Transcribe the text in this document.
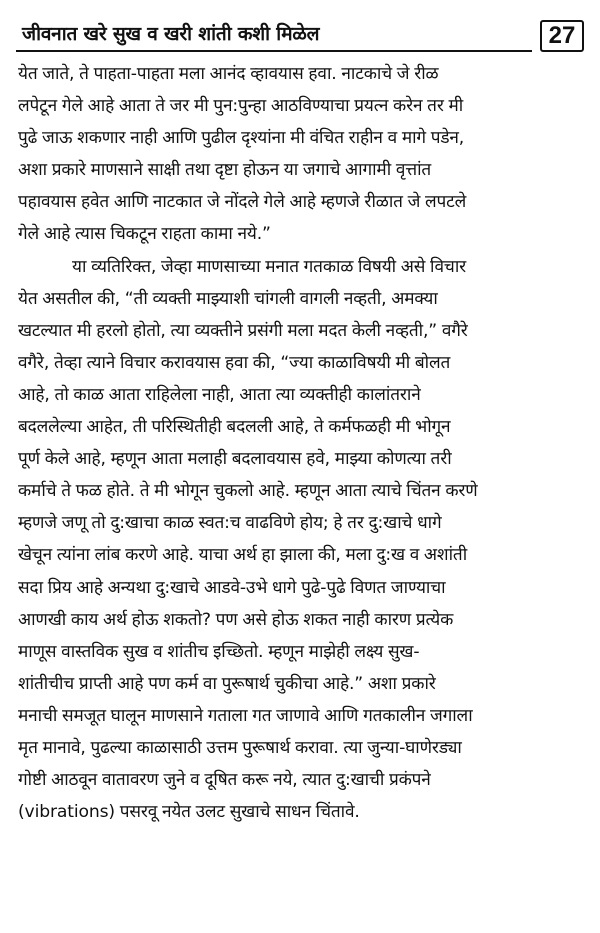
जीवनात खरे सुख व खरी शांती कशी मिळेल	27
येत जाते, ते पाहता-पाहता मला आनंद व्हावयास हवा. नाटकाचे जे रीळ
लपेटून गेले आहे आता ते जर मी पुन:पुन्हा आठविण्याचा प्रयत्न करेन तर मी
पुढे जाऊ शकणार नाही आणि पुढील दृश्यांना मी वंचित राहीन व मागे पडेन,
अशा प्रकारे माणसाने साक्षी तथा दृष्टा होऊन या जगाचे आगामी वृत्तांत
पहावयास हवेत आणि नाटकात जे नोंदले गेले आहे म्हणजे रीळात जे लपटले
गेले आहे त्यास चिकटून राहता कामा नये.”
या व्यतिरिक्त, जेव्हा माणसाच्या मनात गतकाळ विषयी असे विचार
येत असतील की, “ती व्यक्ती माझ्याशी चांगली वागली नव्हती, अमक्या
खटल्यात मी हरलो होतो, त्या व्यक्तीने प्रसंगी मला मदत केली नव्हती,” वगैरे
वगैरे, तेव्हा त्याने विचार करावयास हवा की, “ज्या काळाविषयी मी बोलत
आहे, तो काळ आता राहिलेला नाही, आता त्या व्यक्तीही कालांतराने
बदललेल्या आहेत, ती परिस्थितीही बदलली आहे, ते कर्मफळही मी भोगून
पूर्ण केले आहे, म्हणून आता मलाही बदलावयास हवे, माझ्या कोणत्या तरी
कर्माचे ते फळ होते. ते मी भोगून चुकलो आहे. म्हणून आता त्याचे चिंतन करणे
म्हणजे जणू तो दु:खाचा काळ स्वत:च वाढविणे होय; हे तर दु:खाचे धागे
खेचून त्यांना लांब करणे आहे. याचा अर्थ हा झाला की, मला दु:ख व अशांती
सदा प्रिय आहे अन्यथा दु:खाचे आडवे-उभे धागे पुढे-पुढे विणत जाण्याचा
आणखी काय अर्थ होऊ शकतो? पण असे होऊ शकत नाही कारण प्रत्येक
माणूस वास्तविक सुख व शांतीच इच्छितो. म्हणून माझेही लक्ष्य सुख-
शांतीचीच प्राप्ती आहे पण कर्म वा पुरूषार्थ चुकीचा आहे.” अशा प्रकारे
मनाची समजूत घालून माणसाने गताला गत जाणावे आणि गतकालीन जगाला
मृत मानावे, पुढल्या काळासाठी उत्तम पुरूषार्थ करावा. त्या जुन्या-घाणेरड्या
गोष्टी आठवून वातावरण जुने व दूषित करू नये, त्यात दु:खाची प्रकंपने
(vibrations) पसरवू नयेत उलट सुखाचे साधन चिंतावे.
